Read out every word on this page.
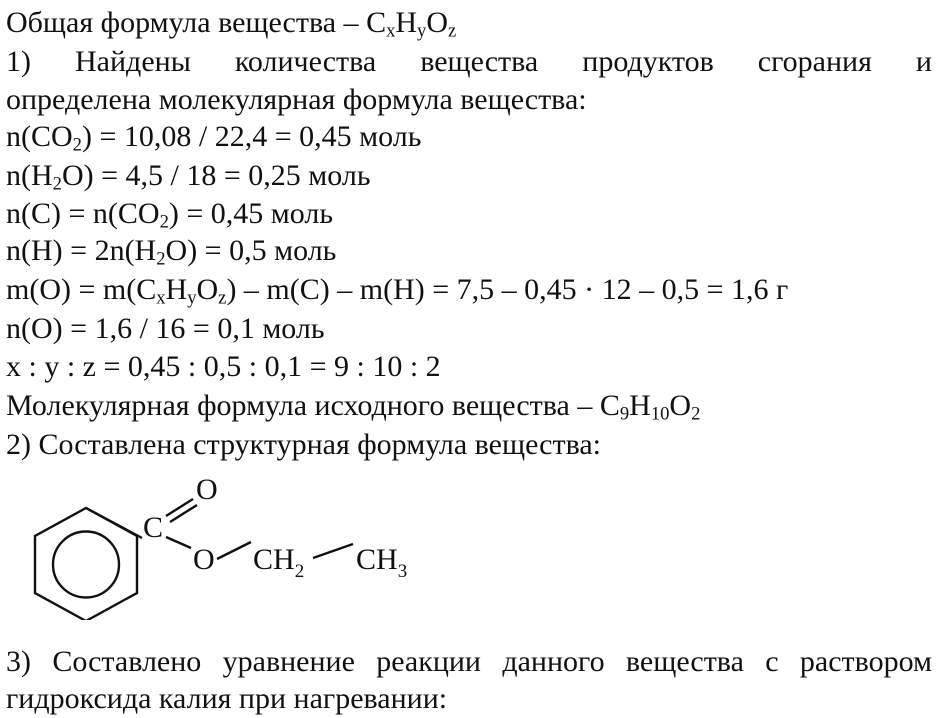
Общая формула вещества – $C_xH_yO_z$
1) Найдены количества вещества продуктов сгорания и
определена молекулярная формула вещества:
$n(CO_2) = 10,08 / 22,4 = 0,45$ моль
$n(H_2O) = 4,5 / 18 = 0,25$ моль
$n(C) = n(CO_2) = 0,45$ моль
$n(H) = 2n(H_2O) = 0,5$ моль
$m(O) = m(C_xH_yO_z) - m(C) - m(H) = 7,5 - 0,45 \cdot 12 - 0,5 = 1,6$ г
n(O) = 1,6 / 16 = 0,1 моль
x : y : z = 0,45 : 0,5 : 0,1 = 9 : 10 : 2
Молекулярная формула исходного вещества – $C_9H_{10}O_2$
2) Составлена структурная формула вещества:
C
O
O $CH_2$ $CH_3$
3) Составлено уравнение реакции данного вещества с раствором
гидроксида калия при нагревании:
